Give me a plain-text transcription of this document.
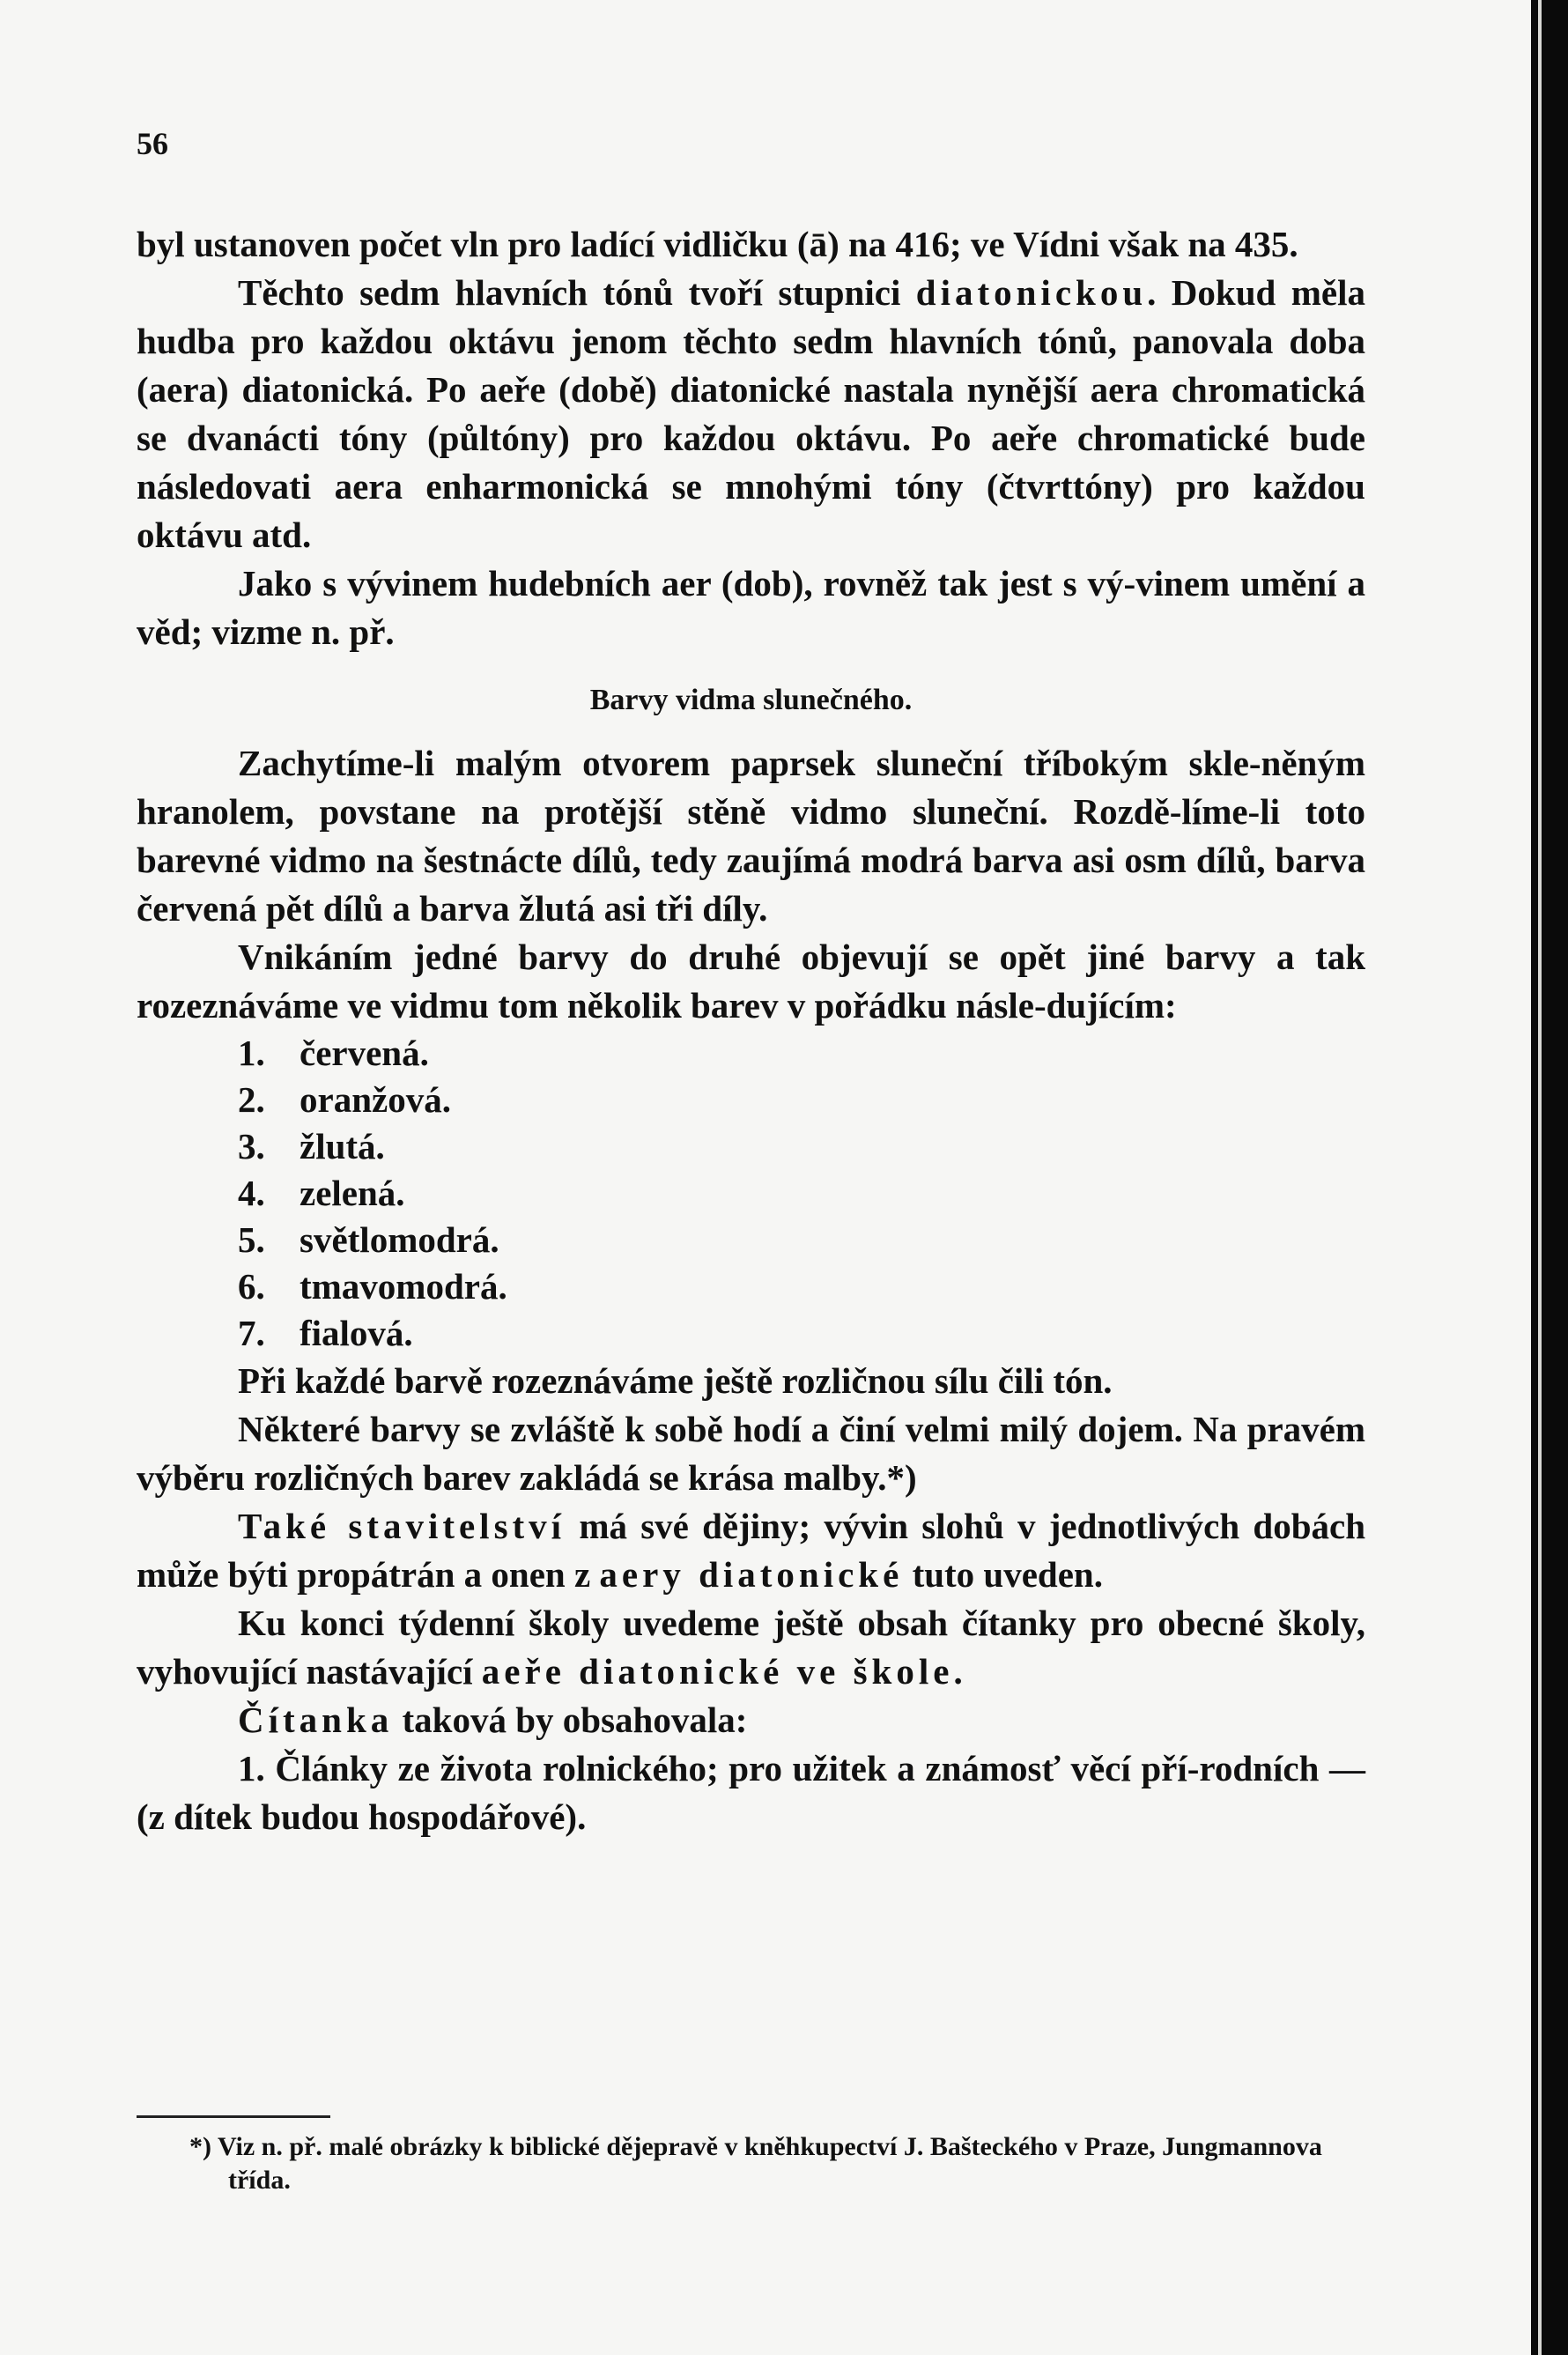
56

byl ustanoven počet vln pro ladící vidličku (ā) na 416; ve Vídni však na 435.

Těchto sedm hlavních tónů tvoří stupnici diatonickou. Dokud měla hudba pro každou oktávu jenom těchto sedm hlavních tónů, panovala doba (aera) diatonická. Po aeře (době) diatonické nastala nynější aera chromatická se dvanácti tóny (půltóny) pro každou oktávu. Po aeře chromatické bude následovati aera enharmonická se mnohými tóny (čtvrttóny) pro každou oktávu atd.

Jako s vývinem hudebních aer (dob), rovněž tak jest s vý-vinem umění a věd; vizme n. př.

Barvy vidma slunečného.

Zachytíme-li malým otvorem paprsek sluneční tříbokým skle-něným hranolem, povstane na protější stěně vidmo sluneční. Rozdě-líme-li toto barevné vidmo na šestnácte dílů, tedy zaujímá modrá barva asi osm dílů, barva červená pět dílů a barva žlutá asi tři díly.

Vnikáním jedné barvy do druhé objevují se opět jiné barvy a tak rozeznáváme ve vidmu tom několik barev v pořádku násle-dujícím:

1. červená.
2. oranžová.
3. žlutá.
4. zelená.
5. světlomodrá.
6. tmavomodrá.
7. fialová.

Při každé barvě rozeznáváme ještě rozličnou sílu čili tón.

Některé barvy se zvláště k sobě hodí a činí velmi milý dojem. Na pravém výběru rozličných barev zakládá se krása malby.*)

Také stavitelství má své dějiny; vývin slohů v jednotlivých dobách může býti propátrán a onen z aery diatonické tuto uveden.

Ku konci týdenní školy uvedeme ještě obsah čítanky pro obecné školy, vyhovující nastávající aeře diatonické ve škole.

Čítanka taková by obsahovala:

1. Články ze života rolnického; pro užitek a známosť věcí pří-rodních — (z dítek budou hospodářové).

*) Viz n. př. malé obrázky k biblické dějepravě v kněhkupectví J. Bašteckého v Praze, Jungmannova třída.
